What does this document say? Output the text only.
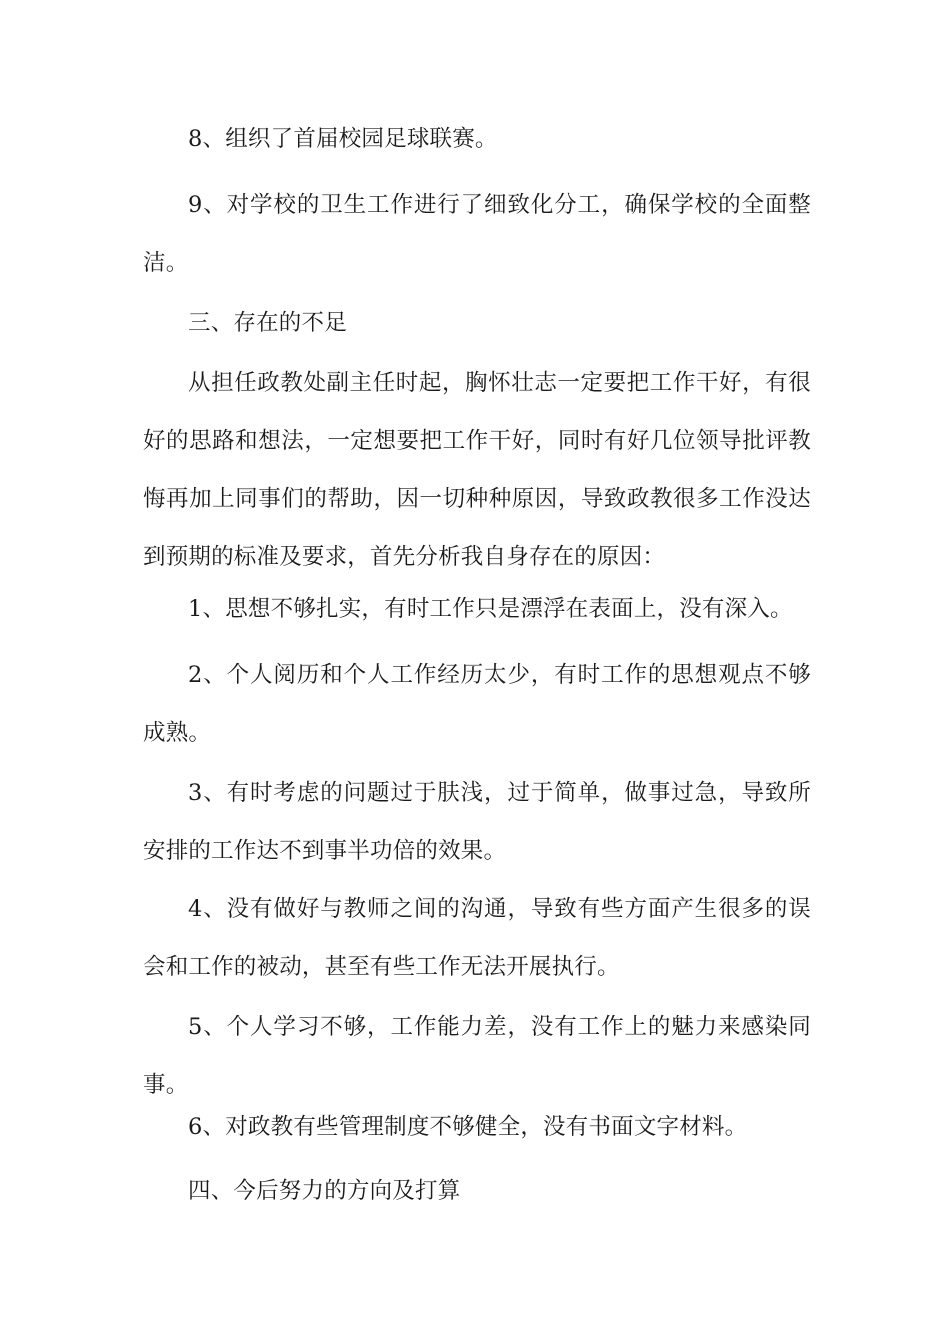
8、组织了首届校园足球联赛。

9、对学校的卫生工作进行了细致化分工，确保学校的全面整洁。

三、存在的不足

从担任政教处副主任时起，胸怀壮志一定要把工作干好，有很好的思路和想法，一定想要把工作干好，同时有好几位领导批评教悔再加上同事们的帮助，因一切种种原因，导致政教很多工作没达到预期的标准及要求，首先分析我自身存在的原因：

1、思想不够扎实，有时工作只是漂浮在表面上，没有深入。

2、个人阅历和个人工作经历太少，有时工作的思想观点不够成熟。

3、有时考虑的问题过于肤浅，过于简单，做事过急，导致所安排的工作达不到事半功倍的效果。

4、没有做好与教师之间的沟通，导致有些方面产生很多的误会和工作的被动，甚至有些工作无法开展执行。

5、个人学习不够，工作能力差，没有工作上的魅力来感染同事。

6、对政教有些管理制度不够健全，没有书面文字材料。

四、今后努力的方向及打算
